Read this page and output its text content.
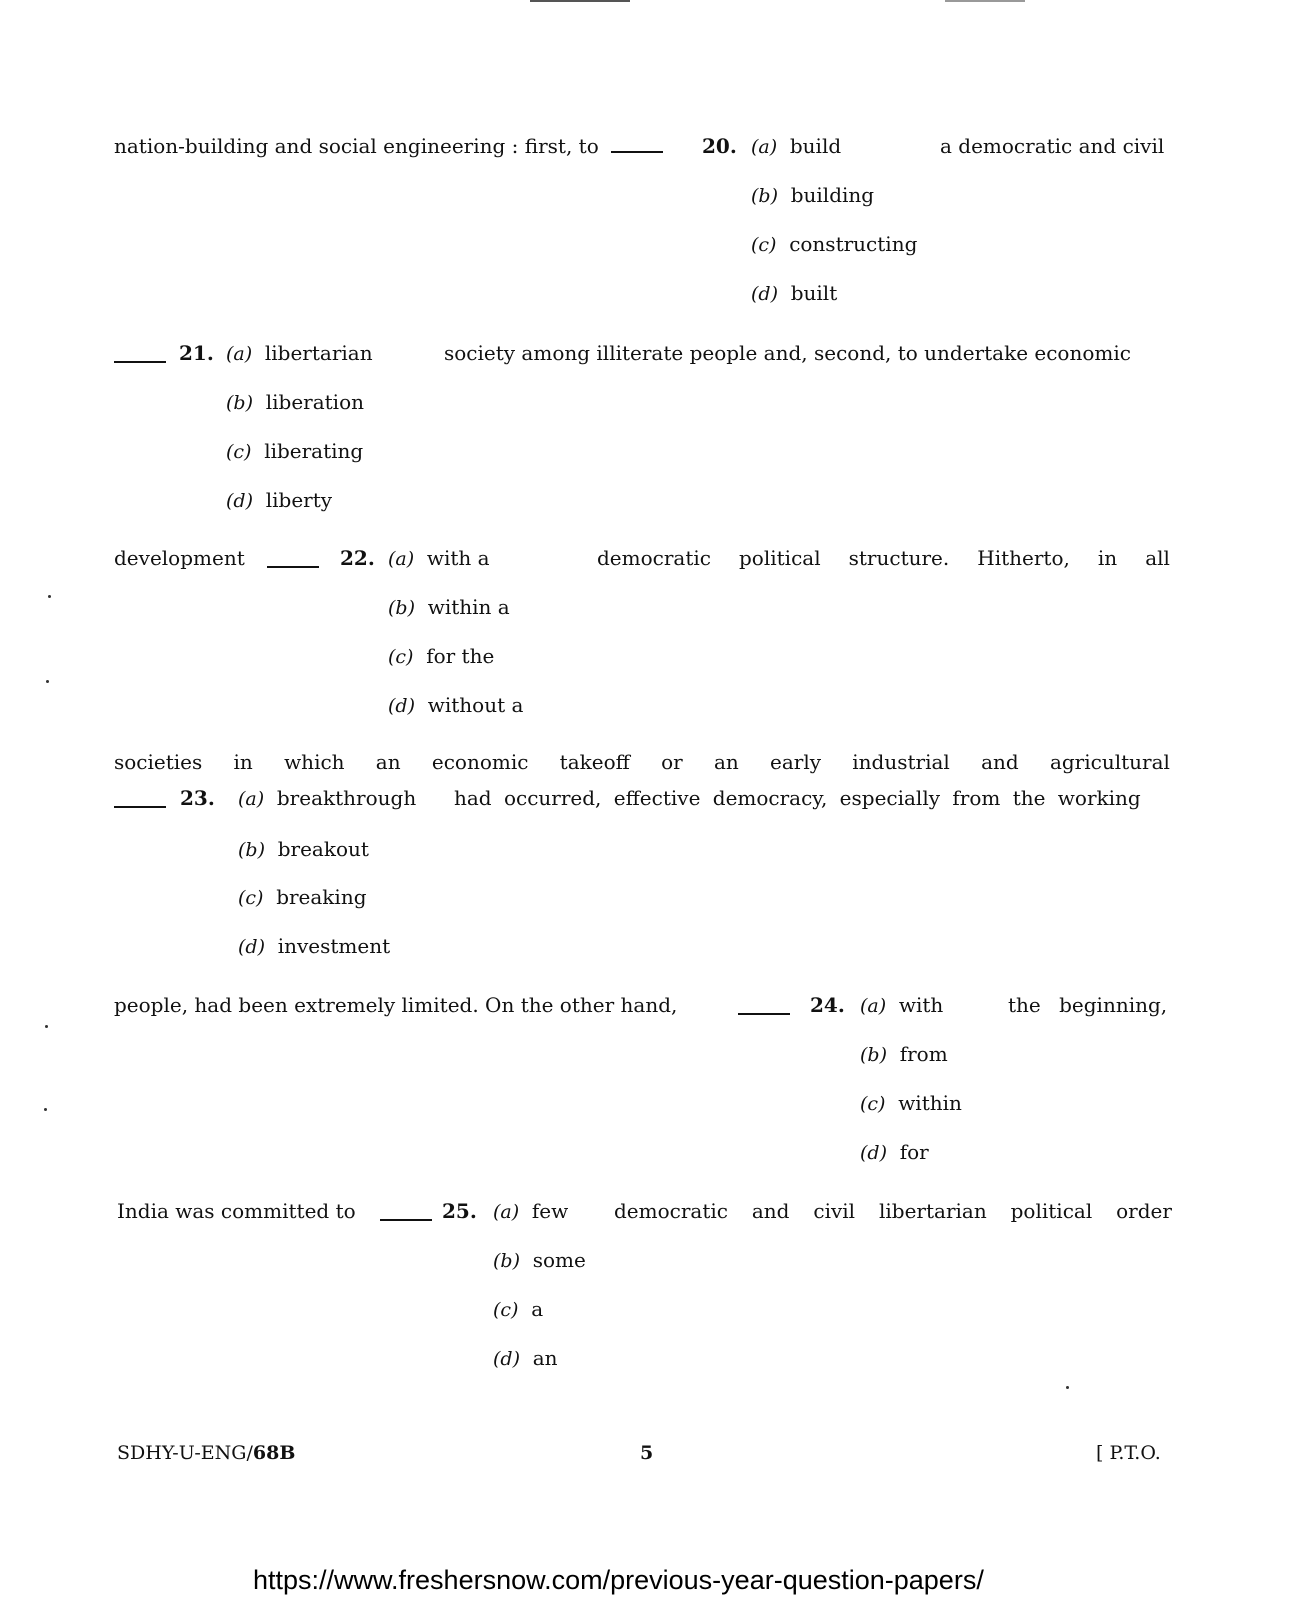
nation-building and social engineering : first, to	20.	a democratic and civil
(a) build
(b) building
(c) constructing
(d) built
21.	society among illiterate people and, second, to undertake economic
(a) libertarian
(b) liberation
(c) liberating
(d) liberty
development	22.	democratic political structure. Hitherto, in all
(a) with a
(b) within a
(c) for the
(d) without a
societies in which an economic takeoff or an early industrial and agricultural
23.	had occurred, effective democracy, especially from the working
(a) breakthrough
(b) breakout
(c) breaking
(d) investment
people, had been extremely limited. On the other hand,	24.	the beginning,
(a) with
(b) from
(c) within
(d) for
India was committed to	25.	democratic and civil libertarian political order
(a) few
(b) some
(c) a
(d) an
SDHY-U-ENG/68B	5	[ P.T.O.
https://www.freshersnow.com/previous-year-question-papers/
